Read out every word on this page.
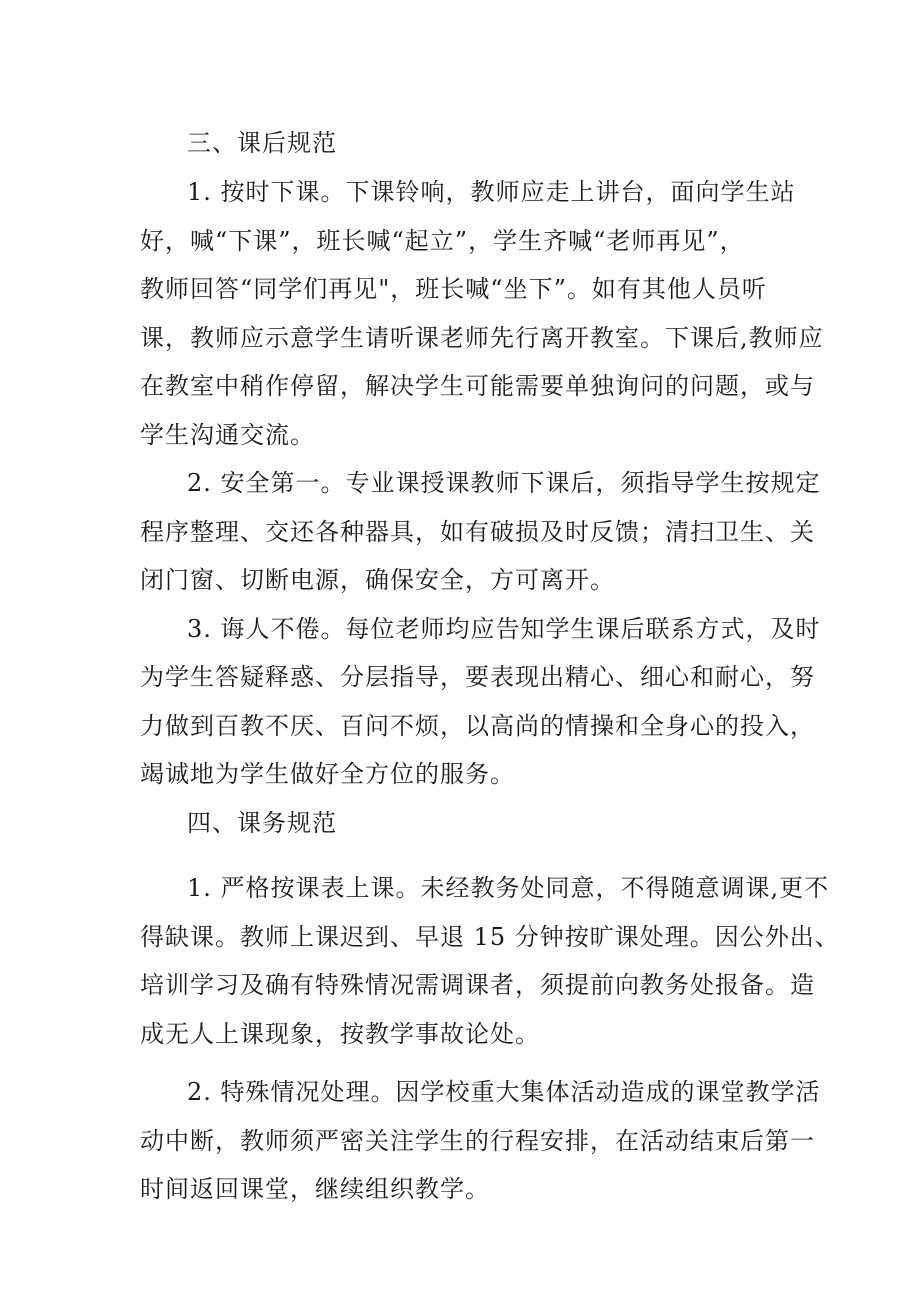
三、课后规范
1. 按时下课。下课铃响，教师应走上讲台，面向学生站
好，喊“下课”，班长喊“起立”，学生齐喊“老师再见”，
教师回答“同学们再见"，班长喊“坐下”。如有其他人员听
课，教师应示意学生请听课老师先行离开教室。下课后,教师应
在教室中稍作停留，解决学生可能需要单独询问的问题，或与
学生沟通交流。
2. 安全第一。专业课授课教师下课后，须指导学生按规定
程序整理、交还各种器具，如有破损及时反馈；清扫卫生、关
闭门窗、切断电源，确保安全，方可离开。
3. 诲人不倦。每位老师均应告知学生课后联系方式，及时
为学生答疑释惑、分层指导，要表现出精心、细心和耐心，努
力做到百教不厌、百问不烦，以高尚的情操和全身心的投入，
竭诚地为学生做好全方位的服务。
四、课务规范
1. 严格按课表上课。未经教务处同意，不得随意调课,更不
得缺课。教师上课迟到、早退 15 分钟按旷课处理。因公外出、
培训学习及确有特殊情况需调课者，须提前向教务处报备。造
成无人上课现象，按教学事故论处。
2. 特殊情况处理。因学校重大集体活动造成的课堂教学活
动中断，教师须严密关注学生的行程安排，在活动结束后第一
时间返回课堂，继续组织教学。
